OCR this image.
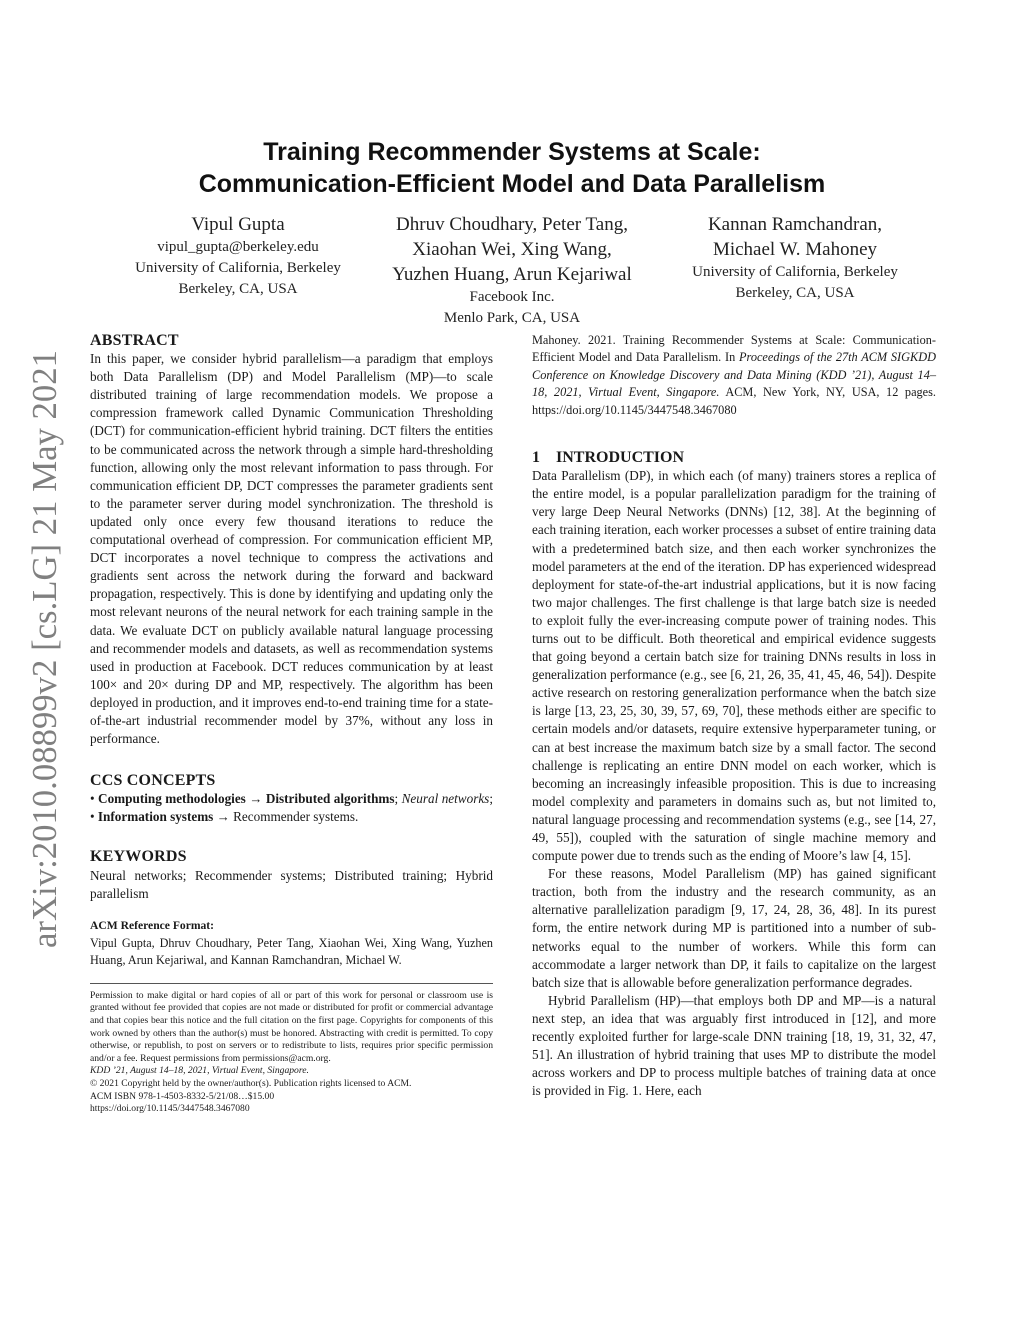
arXiv:2010.08899v2 [cs.LG] 21 May 2021
Training Recommender Systems at Scale:
Communication-Efficient Model and Data Parallelism
Vipul Gupta
vipul_gupta@berkeley.edu
University of California, Berkeley
Berkeley, CA, USA
Dhruv Choudhary, Peter Tang,
Xiaohan Wei, Xing Wang,
Yuzhen Huang, Arun Kejariwal
Facebook Inc.
Menlo Park, CA, USA
Kannan Ramchandran,
Michael W. Mahoney
University of California, Berkeley
Berkeley, CA, USA

ABSTRACT

In this paper, we consider hybrid parallelism—a paradigm that employs both Data Parallelism (DP) and Model Parallelism (MP)—to scale distributed training of large recommendation models. We propose a compression framework called Dynamic Communication Thresholding (DCT) for communication-efficient hybrid training. DCT filters the entities to be communicated across the network through a simple hard-thresholding function, allowing only the most relevant information to pass through. For communication efficient DP, DCT compresses the parameter gradients sent to the parameter server during model synchronization. The threshold is updated only once every few thousand iterations to reduce the computational overhead of compression. For communication efficient MP, DCT incorporates a novel technique to compress the activations and gradients sent across the network during the forward and backward propagation, respectively. This is done by identifying and updating only the most relevant neurons of the neural network for each training sample in the data. We evaluate DCT on publicly available natural language processing and recommender models and datasets, as well as recommendation systems used in production at Facebook. DCT reduces communication by at least 100× and 20× during DP and MP, respectively. The algorithm has been deployed in production, and it improves end-to-end training time for a state-of-the-art industrial recommender model by 37%, without any loss in performance.

CCS CONCEPTS

• Computing methodologies → Distributed algorithms; Neural networks; • Information systems → Recommender systems.

KEYWORDS

Neural networks; Recommender systems; Distributed training; Hybrid parallelism

ACM Reference Format:

Vipul Gupta, Dhruv Choudhary, Peter Tang, Xiaohan Wei, Xing Wang, Yuzhen Huang, Arun Kejariwal, and Kannan Ramchandran, Michael W.

Permission to make digital or hard copies of all or part of this work for personal or classroom use is granted without fee provided that copies are not made or distributed for profit or commercial advantage and that copies bear this notice and the full citation on the first page. Copyrights for components of this work owned by others than the author(s) must be honored. Abstracting with credit is permitted. To copy otherwise, or republish, to post on servers or to redistribute to lists, requires prior specific permission and/or a fee. Request permissions from permissions@acm.org.

KDD ’21, August 14–18, 2021, Virtual Event, Singapore.

© 2021 Copyright held by the owner/author(s). Publication rights licensed to ACM.

ACM ISBN 978-1-4503-8332-5/21/08…$15.00

https://doi.org/10.1145/3447548.3467080

Mahoney. 2021. Training Recommender Systems at Scale: Communication-Efficient Model and Data Parallelism. In Proceedings of the 27th ACM SIGKDD Conference on Knowledge Discovery and Data Mining (KDD ’21), August 14–18, 2021, Virtual Event, Singapore. ACM, New York, NY, USA, 12 pages. https://doi.org/10.1145/3447548.3467080

1 INTRODUCTION

Data Parallelism (DP), in which each (of many) trainers stores a replica of the entire model, is a popular parallelization paradigm for the training of very large Deep Neural Networks (DNNs) [12, 38]. At the beginning of each training iteration, each worker processes a subset of entire training data with a predetermined batch size, and then each worker synchronizes the model parameters at the end of the iteration. DP has experienced widespread deployment for state-of-the-art industrial applications, but it is now facing two major challenges. The first challenge is that large batch size is needed to exploit fully the ever-increasing compute power of training nodes. This turns out to be difficult. Both theoretical and empirical evidence suggests that going beyond a certain batch size for training DNNs results in loss in generalization performance (e.g., see [6, 21, 26, 35, 41, 45, 46, 54]). Despite active research on restoring generalization performance when the batch size is large [13, 23, 25, 30, 39, 57, 69, 70], these methods either are specific to certain models and/or datasets, require extensive hyperparameter tuning, or can at best increase the maximum batch size by a small factor. The second challenge is replicating an entire DNN model on each worker, which is becoming an increasingly infeasible proposition. This is due to increasing model complexity and parameters in domains such as, but not limited to, natural language processing and recommendation systems (e.g., see [14, 27, 49, 55]), coupled with the saturation of single machine memory and compute power due to trends such as the ending of Moore’s law [4, 15].

For these reasons, Model Parallelism (MP) has gained significant traction, both from the industry and the research community, as an alternative parallelization paradigm [9, 17, 24, 28, 36, 48]. In its purest form, the entire network during MP is partitioned into a number of sub-networks equal to the number of workers. While this form can accommodate a larger network than DP, it fails to capitalize on the largest batch size that is allowable before generalization performance degrades.

Hybrid Parallelism (HP)—that employs both DP and MP—is a natural next step, an idea that was arguably first introduced in [12], and more recently exploited further for large-scale DNN training [18, 19, 31, 32, 47, 51]. An illustration of hybrid training that uses MP to distribute the model across workers and DP to process multiple batches of training data at once is provided in Fig. 1. Here, each
